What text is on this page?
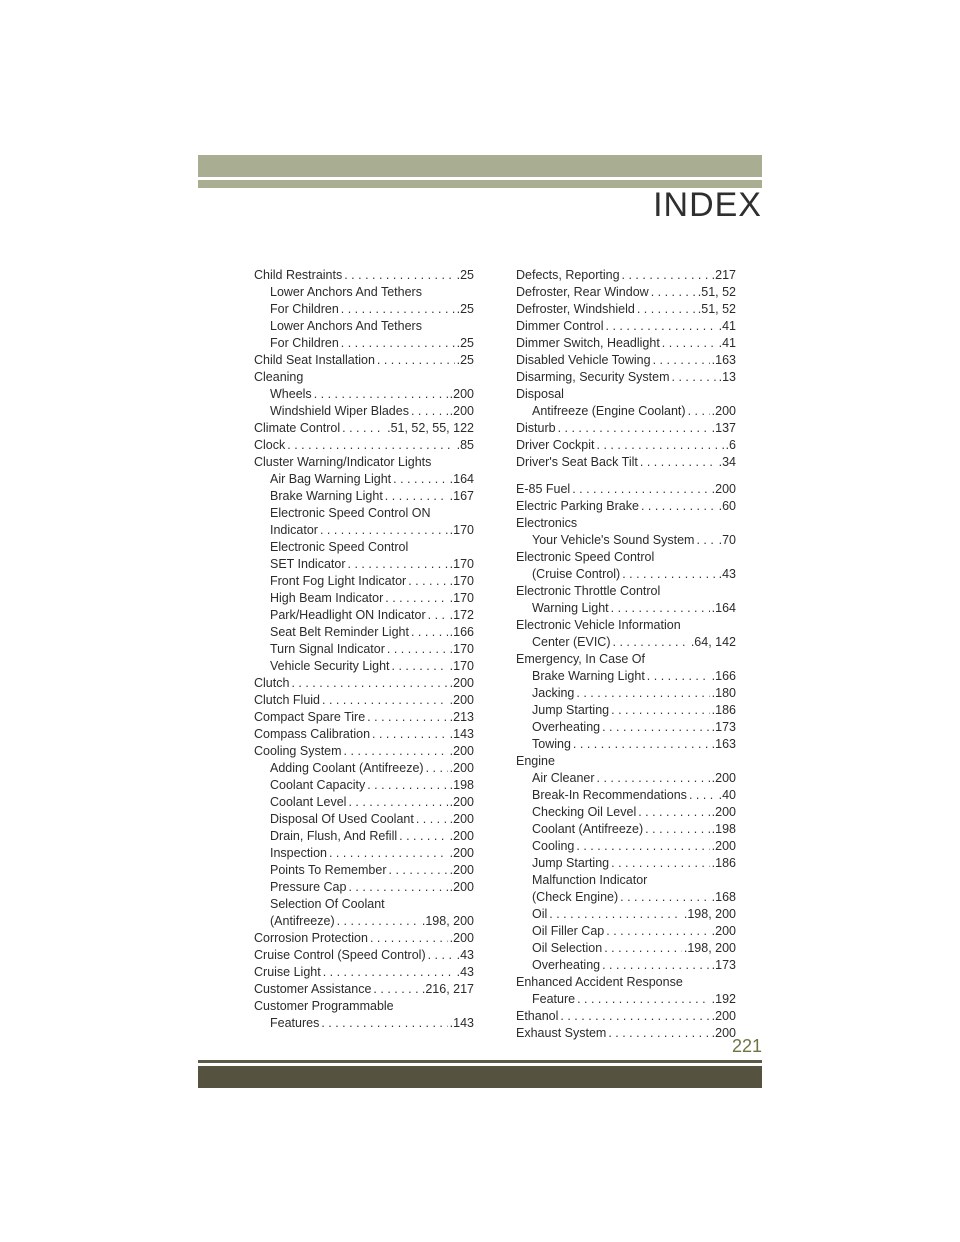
INDEX
Child Restraints . . .	.25
Lower Anchors And Tethers
For Children . . .	.25
Lower Anchors And Tethers
For Children . . .	.25
Child Seat Installation . . .	.25
Cleaning
Wheels . . .	.200
Windshield Wiper Blades . . .	.200
Climate Control . . .	.51, 52, 55, 122
Clock . . .	.85
Cluster Warning/Indicator Lights
Air Bag Warning Light . . .	.164
Brake Warning Light . . .	.167
Electronic Speed Control ON
Indicator . . .	.170
Electronic Speed Control
SET Indicator . . .	.170
Front Fog Light Indicator . . .	.170
High Beam Indicator . . .	.170
Park/Headlight ON Indicator . . . .172
Seat Belt Reminder Light . . .	.166
Turn Signal Indicator . . .	.170
Vehicle Security Light . . .	.170
Clutch . . .	.200
Clutch Fluid . . .	.200
Compact Spare Tire . . .	.213
Compass Calibration . . .	.143
Cooling System . . .	.200
Adding Coolant (Antifreeze) . . . .200
Coolant Capacity . . .	.198
Coolant Level . . .	.200
Disposal Of Used Coolant . . .	.200
Drain, Flush, And Refill . . .	.200
Inspection . . .	.200
Points To Remember . . .	.200
Pressure Cap . . .	.200
Selection Of Coolant
(Antifreeze) . . .	.198, 200
Corrosion Protection . . .	.200
Cruise Control (Speed Control) . . . .43
Cruise Light . . .	.43
Customer Assistance . . .	.216, 217
Customer Programmable
Features . . .	.143
Defects, Reporting . . .	.217
Defroster, Rear Window . . .	.51, 52
Defroster, Windshield . . .	.51, 52
Dimmer Control . . .	.41
Dimmer Switch, Headlight . . .	.41
Disabled Vehicle Towing . . .	.163
Disarming, Security System . . .	.13
Disposal
Antifreeze (Engine Coolant) . . . .200
Disturb . . .	.137
Driver Cockpit . . .	.6
Driver's Seat Back Tilt . . .	.34
E-85 Fuel . . .	.200
Electric Parking Brake . . .	.60
Electronics
Your Vehicle's Sound System . . . .70
Electronic Speed Control
(Cruise Control) . . .	.43
Electronic Throttle Control
Warning Light . . .	.164
Electronic Vehicle Information
Center (EVIC) . . .	.64, 142
Emergency, In Case Of
Brake Warning Light . . .	.166
Jacking . . .	.180
Jump Starting . . .	.186
Overheating . . .	.173
Towing . . .	.163
Engine
Air Cleaner . . .	.200
Break-In Recommendations . . .	.40
Checking Oil Level . . .	.200
Coolant (Antifreeze) . . .	.198
Cooling . . .	.200
Jump Starting . . .	.186
Malfunction Indicator
(Check Engine) . . .	.168
Oil . . .	.198, 200
Oil Filler Cap . . .	.200
Oil Selection . . .	.198, 200
Overheating . . .	.173
Enhanced Accident Response
Feature . . .	.192
Ethanol . . .	.200
Exhaust System . . .	.200
221
